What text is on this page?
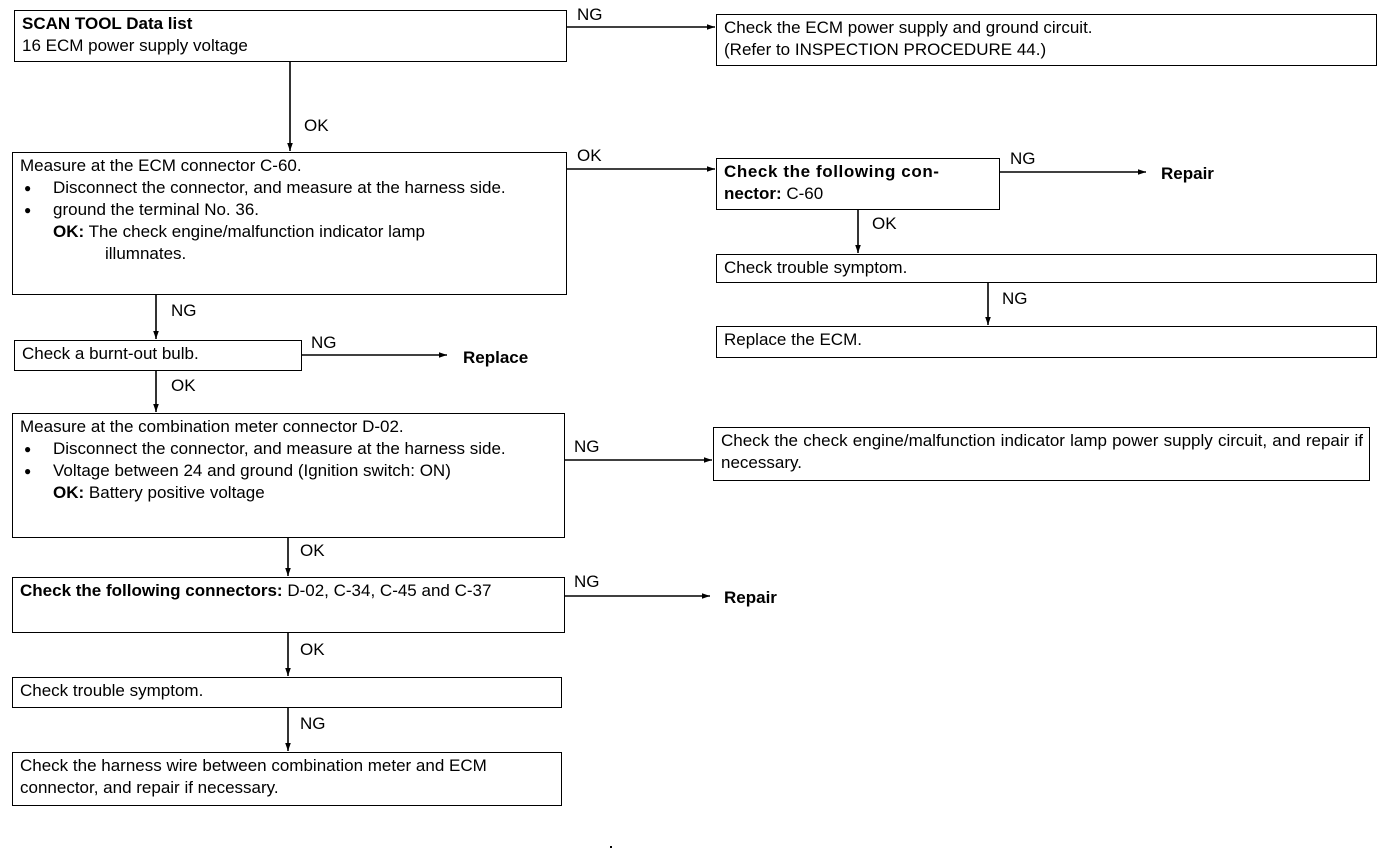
SCAN TOOL Data list
16 ECM power supply voltage
Check the ECM power supply and ground circuit.
(Refer to INSPECTION PROCEDURE 44.)
Measure at the ECM connector C-60.
● Disconnect the connector, and measure at the harness side.
● ground the terminal No. 36.
OK: The check engine/malfunction indicator lamp
illumnates.
Check the following con-
nector: C-60
Check trouble symptom.
Replace the ECM.
Check a burnt-out bulb.
Measure at the combination meter connector D-02.
● Disconnect the connector, and measure at the harness side.
● Voltage between 24 and ground (Ignition switch: ON)
OK: Battery positive voltage
Check the check engine/malfunction indicator lamp power supply circuit, and repair if necessary.
Check the following connectors: D-02, C-34, C-45 and C-37
Check trouble symptom.
Check the harness wire between combination meter and ECM connector, and repair if necessary.
NG
OK
OK	NG
OK
NG
NG
NG
OK
NG
OK
NG
OK
NG
Repair
Replace
Repair
